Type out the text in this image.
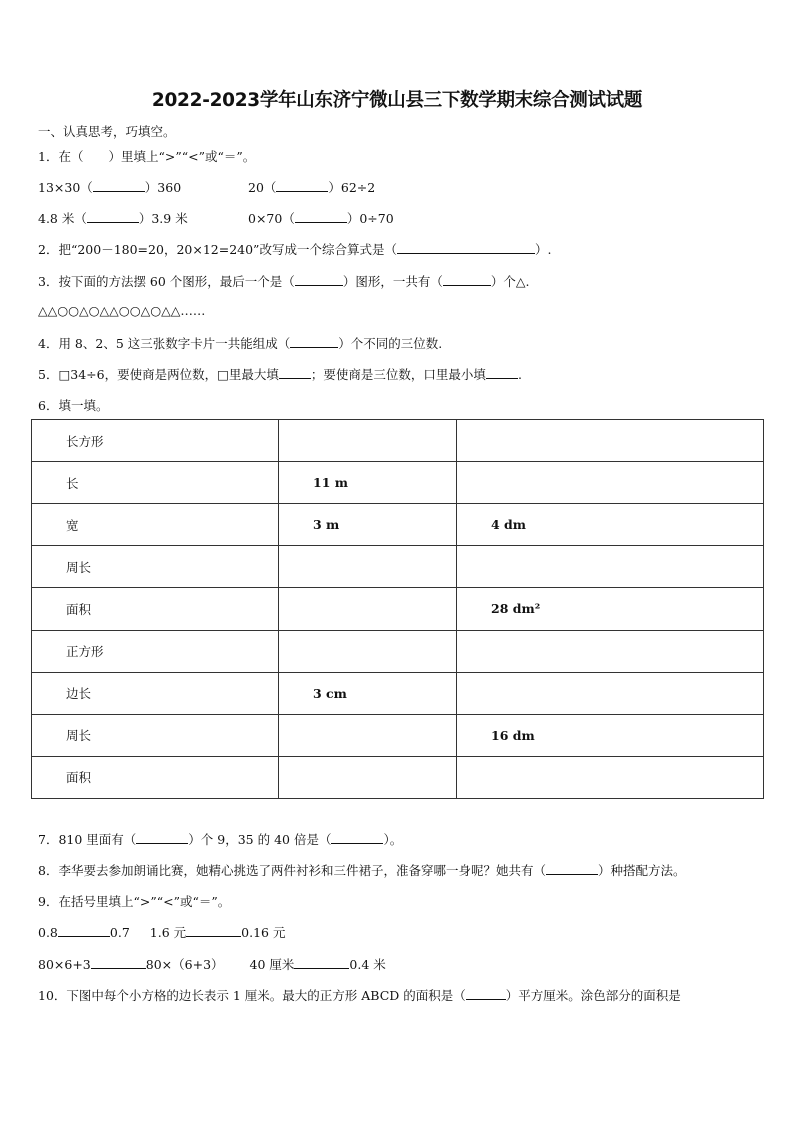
2022-2023学年山东济宁微山县三下数学期末综合测试试题
一、认真思考，巧填空。
1．在（　　）里填上“>”“<”或“＝”。
13×30（	）360	20（	）62÷2
4.8 米（	）3.9 米	0×70（	）0÷70
2．把“200－180=20，20×12=240”改写成一个综合算式是（	）.
3．按下面的方法摆 60 个图形，最后一个是（	）图形，一共有（	）个△.
△△○○△○△△○○△○△△……
4．用 8、2、5 这三张数字卡片一共能组成（	）个不同的三位数.
5．□34÷6，要使商是两位数，□里最大填	；要使商是三位数，口里最小填	.
6．填一填。
长方形		
长	11 m	
宽	3 m	4 dm
周长		
面积		28 dm²
正方形		
边长	3 cm	
周长		16 dm
面积		
7．810 里面有（	）个 9，35 的 40 倍是（	）。
8．李华要去参加朗诵比赛，她精心挑选了两件衬衫和三件裙子，准备穿哪一身呢？她共有（	）种搭配方法。
9．在括号里填上“>”“<”或“＝”。
0.8	0.7 1.6 元	0.16 元
80×6+3	80×（6+3） 40 厘米	0.4 米
10．下图中每个小方格的边长表示 1 厘米。最大的正方形 ABCD 的面积是（	）平方厘米。涂色部分的面积是
